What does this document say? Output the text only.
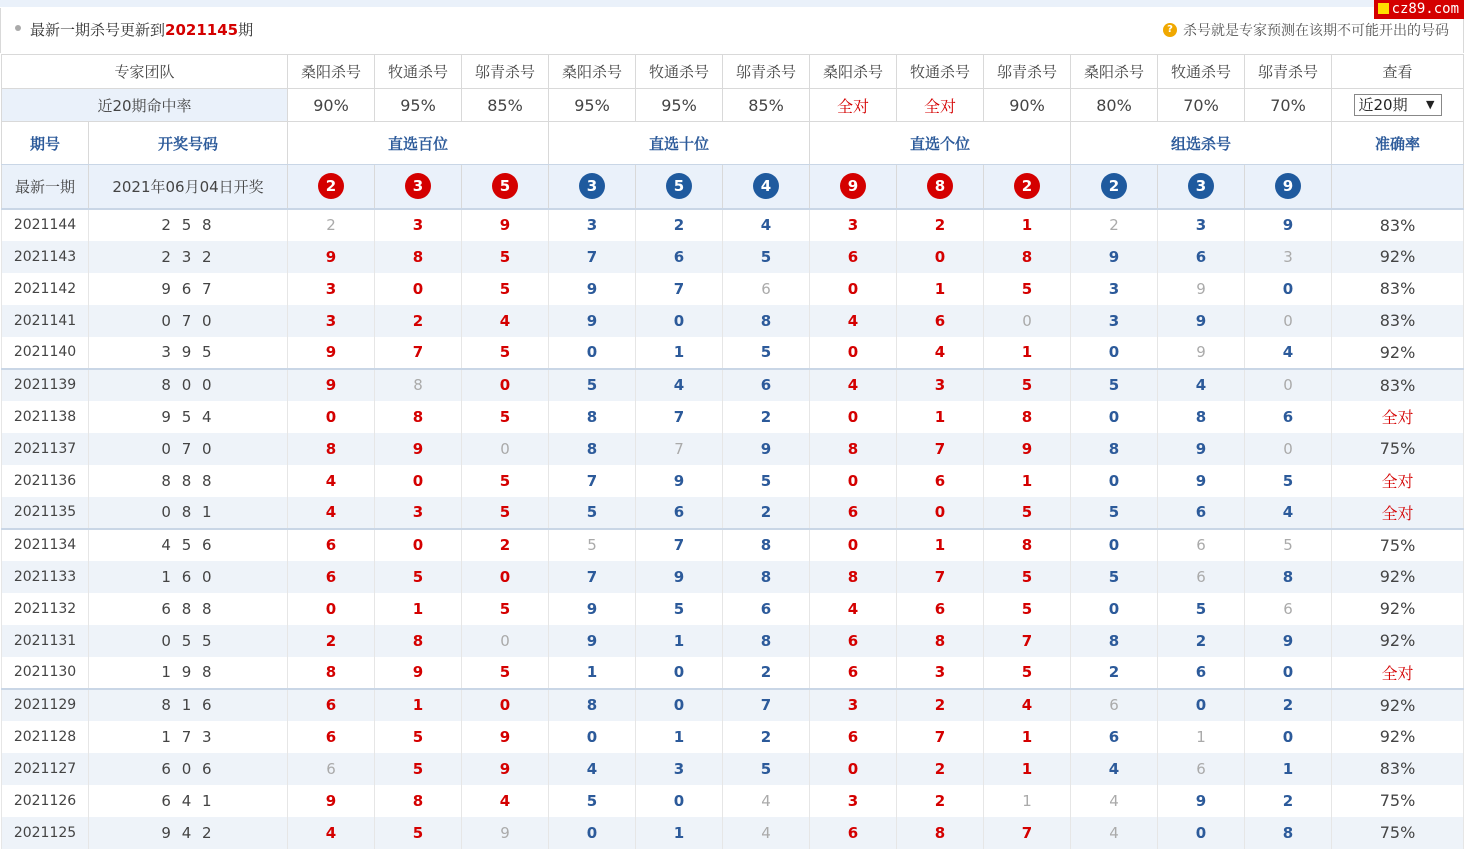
cz89.com
最新一期杀号更新到2021145期	? 杀号就是专家预测在该期不可能开出的号码
专家团队		桑阳杀号	牧通杀号	邬青杀号	桑阳杀号	牧通杀号	邬青杀号	桑阳杀号	牧通杀号	邬青杀号	桑阳杀号	牧通杀号	邬青杀号	查看
近20期命中率		90%	95%	85%	95%	95%	85%	全对	全对	90%	80%	70%	70%	近20期 ▼

期号	开奖号码	直选百位			直选十位			直选个位			组选杀号			准确率
最新一期	2021年06月04日开奖	2	3	5	3	5	4	9	8	2	2	3	9	
2021144	2 5 8	2	3	9	3	2	4	3	2	1	2	3	9	83%
2021143	2 3 2	9	8	5	7	6	5	6	0	8	9	6	3	92%
2021142	9 6 7	3	0	5	9	7	6	0	1	5	3	9	0	83%
2021141	0 7 0	3	2	4	9	0	8	4	6	0	3	9	0	83%
2021140	3 9 5	9	7	5	0	1	5	0	4	1	0	9	4	92%
2021139	8 0 0	9	8	0	5	4	6	4	3	5	5	4	0	83%
2021138	9 5 4	0	8	5	8	7	2	0	1	8	0	8	6	全对
2021137	0 7 0	8	9	0	8	7	9	8	7	9	8	9	0	75%
2021136	8 8 8	4	0	5	7	9	5	0	6	1	0	9	5	全对
2021135	0 8 1	4	3	5	5	6	2	6	0	5	5	6	4	全对
2021134	4 5 6	6	0	2	5	7	8	0	1	8	0	6	5	75%
2021133	1 6 0	6	5	0	7	9	8	8	7	5	5	6	8	92%
2021132	6 8 8	0	1	5	9	5	6	4	6	5	0	5	6	92%
2021131	0 5 5	2	8	0	9	1	8	6	8	7	8	2	9	92%
2021130	1 9 8	8	9	5	1	0	2	6	3	5	2	6	0	全对
2021129	8 1 6	6	1	0	8	0	7	3	2	4	6	0	2	92%
2021128	1 7 3	6	5	9	0	1	2	6	7	1	6	1	0	92%
2021127	6 0 6	6	5	9	4	3	5	0	2	1	4	6	1	83%
2021126	6 4 1	9	8	4	5	0	4	3	2	1	4	9	2	75%
2021125	9 4 2	4	5	9	0	1	4	6	8	7	4	0	8	75%
